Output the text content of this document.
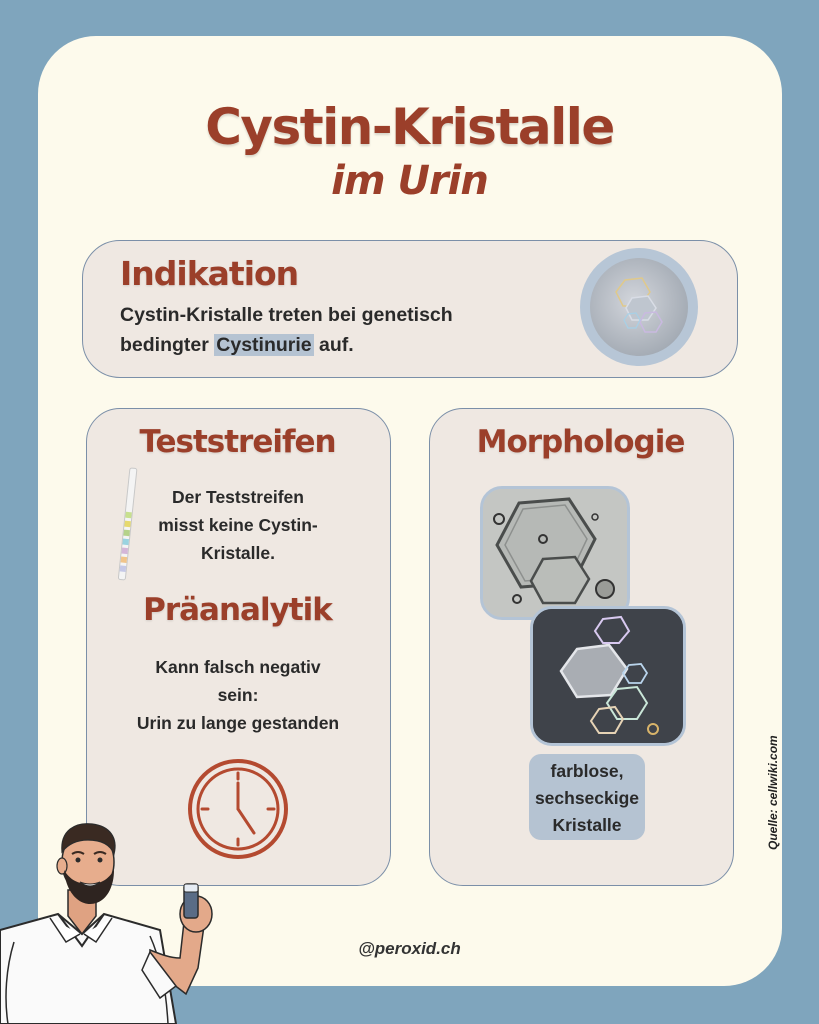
Cystin-Kristalle
im Urin
Indikation
Cystin-Kristalle treten bei genetisch bedingter Cystinurie auf.
Teststreifen
Der Teststreifen
misst keine Cystin-
Kristalle.
Präanalytik
Kann falsch negativ
sein:
Urin zu lange gestanden
Morphologie
farblose,
sechseckige
Kristalle	Quelle: cellwiki.com
@peroxid.ch
